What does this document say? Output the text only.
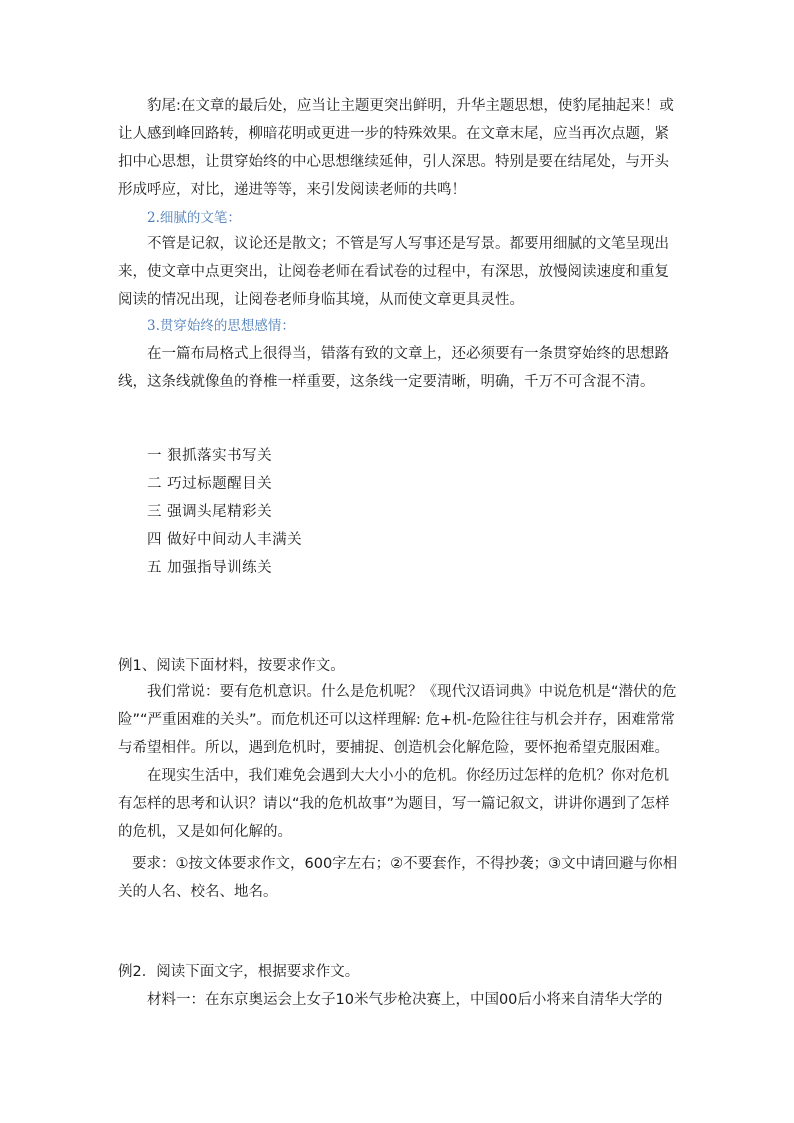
豹尾:在文章的最后处，应当让主题更突出鲜明，升华主题思想，使豹尾抽起来！或让人感到峰回路转，柳暗花明或更进一步的特殊效果。在文章末尾，应当再次点题，紧扣中心思想，让贯穿始终的中心思想继续延伸，引人深思。特别是要在结尾处，与开头形成呼应，对比，递进等等，来引发阅读老师的共鸣！

2.细腻的文笔：

不管是记叙，议论还是散文；不管是写人写事还是写景。都要用细腻的文笔呈现出来，使文章中点更突出，让阅卷老师在看试卷的过程中，有深思，放慢阅读速度和重复阅读的情况出现，让阅卷老师身临其境，从而使文章更具灵性。

3.贯穿始终的思想感情：

在一篇布局格式上很得当，错落有致的文章上，还必须要有一条贯穿始终的思想路线，这条线就像鱼的脊椎一样重要，这条线一定要清晰，明确，千万不可含混不清。

一 狠抓落实书写关

二 巧过标题醒目关

三 强调头尾精彩关

四 做好中间动人丰满关

五 加强指导训练关

例1、阅读下面材料，按要求作文。

我们常说：要有危机意识。什么是危机呢？《现代汉语词典》中说危机是“潜伏的危险”“严重困难的关头”。而危机还可以这样理解: 危+机-危险往往与机会并存，困难常常与希望相伴。所以，遇到危机时，要捕捉、创造机会化解危险，要怀抱希望克服困难。

在现实生活中，我们难免会遇到大大小小的危机。你经历过怎样的危机？你对危机有怎样的思考和认识？请以“我的危机故事”为题目，写一篇记叙文，讲讲你遇到了怎样的危机，又是如何化解的。

要求：①按文体要求作文，600字左右；②不要套作，不得抄袭；③文中请回避与你相关的人名、校名、地名。

例2．阅读下面文字，根据要求作文。

材料一：在东京奥运会上女子10米气步枪决赛上，中国00后小将来自清华大学的
